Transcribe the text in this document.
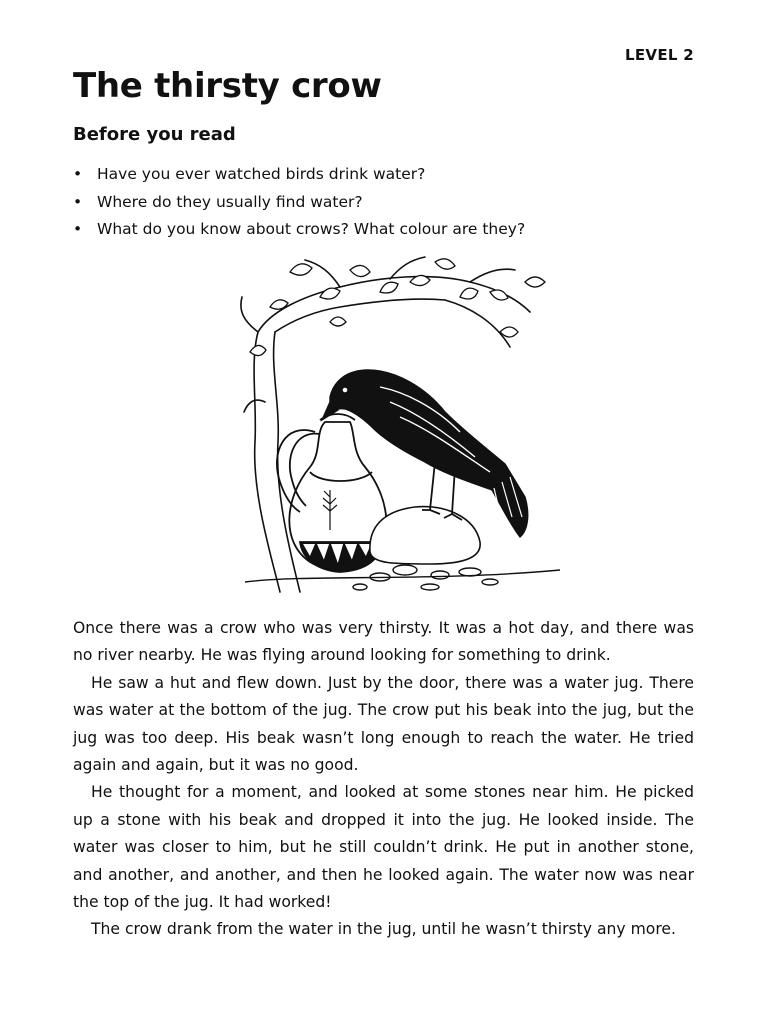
LEVEL 2
The thirsty crow
Before you read
• Have you ever watched birds drink water?
• Where do they usually find water?
• What do you know about crows? What colour are they?

Once there was a crow who was very thirsty. It was a hot day, and there was no river nearby. He was flying around looking for something to drink.

He saw a hut and flew down. Just by the door, there was a water jug. There was water at the bottom of the jug. The crow put his beak into the jug, but the jug was too deep. His beak wasn’t long enough to reach the water. He tried again and again, but it was no good.

He thought for a moment, and looked at some stones near him. He picked up a stone with his beak and dropped it into the jug. He looked inside. The water was closer to him, but he still couldn’t drink. He put in another stone, and another, and another, and then he looked again. The water now was near the top of the jug. It had worked!

The crow drank from the water in the jug, until he wasn’t thirsty any more.
